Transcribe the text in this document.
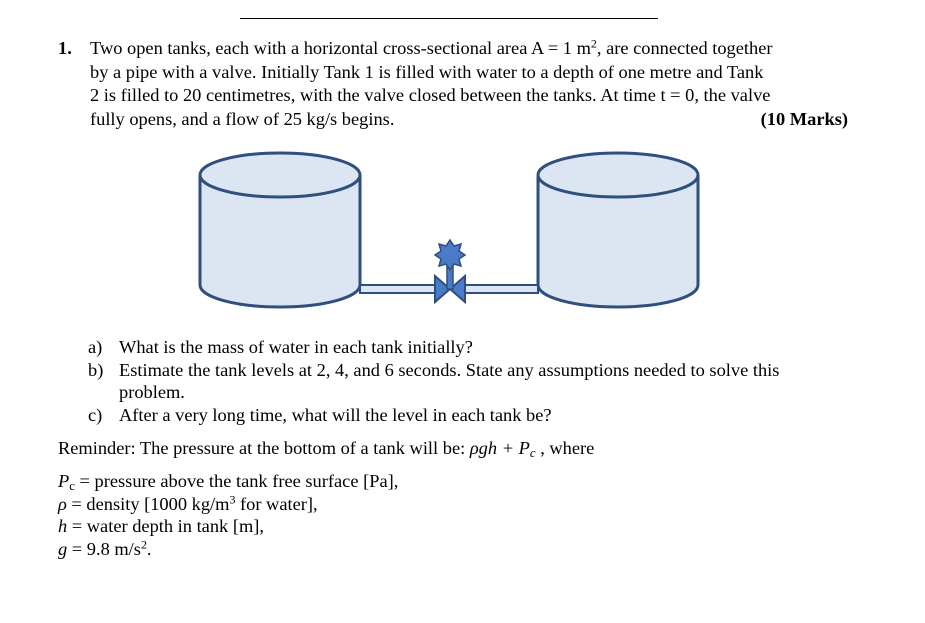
1. Two open tanks, each with a horizontal cross-sectional area A = 1 $m^2$, are connected together
by a pipe with a valve. Initially Tank 1 is filled with water to a depth of one metre and Tank
2 is filled to 20 centimetres, with the valve closed between the tanks. At time t = 0, the valve
fully opens, and a flow of 25 kg/s begins.	(10 Marks)
a) What is the mass of water in each tank initially?
b) Estimate the tank levels at 2, 4, and 6 seconds. State any assumptions needed to solve this problem.
c) After a very long time, what will the level in each tank be?
Reminder: The pressure at the bottom of a tank will be: $\rho gh + P_c$ , where
$P_c$ = pressure above the tank free surface [Pa],
ρ = density [1000 $kg/m^3$ for water],
h = water depth in tank [m],
g = 9.8 $m/s^2$.
